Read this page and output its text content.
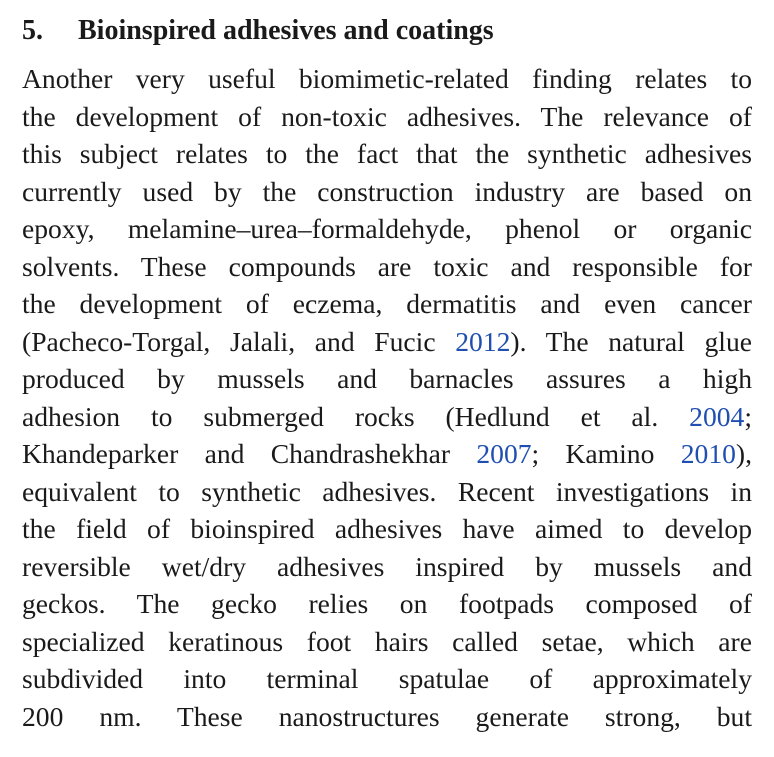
5. Bioinspired adhesives and coatings

Another very useful biomimetic-related finding relates to
the development of non-toxic adhesives. The relevance of
this subject relates to the fact that the synthetic adhesives
currently used by the construction industry are based on
epoxy, melamine–urea–formaldehyde, phenol or organic
solvents. These compounds are toxic and responsible for
the development of eczema, dermatitis and even cancer
(Pacheco-Torgal, Jalali, and Fucic 2012). The natural glue
produced by mussels and barnacles assures a high
adhesion to submerged rocks (Hedlund et al. 2004;
Khandeparker and Chandrashekhar 2007; Kamino 2010),
equivalent to synthetic adhesives. Recent investigations in
the field of bioinspired adhesives have aimed to develop
reversible wet/dry adhesives inspired by mussels and
geckos. The gecko relies on footpads composed of
specialized keratinous foot hairs called setae, which are
subdivided into terminal spatulae of approximately
200 nm. These nanostructures generate strong, but
